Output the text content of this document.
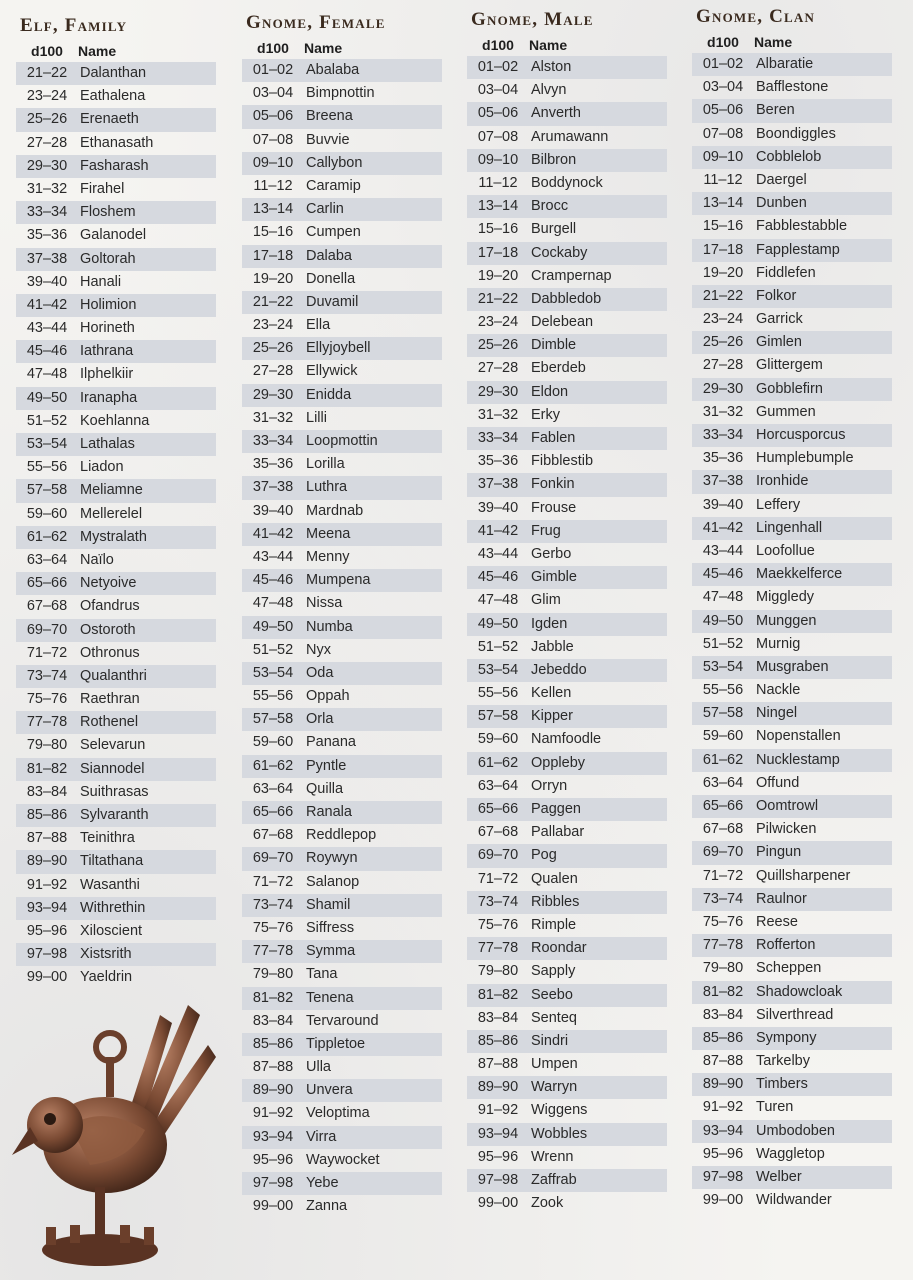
Elf, Family
d100	Name
21–22 Dalanthan
23–24 Eathalena
25–26 Erenaeth
27–28 Ethanasath
29–30 Fasharash
31–32 Firahel
33–34 Floshem
35–36 Galanodel
37–38 Goltorah
39–40 Hanali
41–42 Holimion
43–44 Horineth
45–46 Iathrana
47–48 Ilphelkiir
49–50 Iranapha
51–52 Koehlanna
53–54 Lathalas
55–56 Liadon
57–58 Meliamne
59–60 Mellerelel
61–62 Mystralath
63–64 Naïlo
65–66 Netyoive
67–68 Ofandrus
69–70 Ostoroth
71–72 Othronus
73–74 Qualanthri
75–76 Raethran
77–78 Rothenel
79–80 Selevarun
81–82 Siannodel
83–84 Suithrasas
85–86 Sylvaranth
87–88 Teinithra
89–90 Tiltathana
91–92 Wasanthi
93–94 Withrethin
95–96 Xiloscient
97–98 Xistsrith
99–00 Yaeldrin
Gnome, Female
d100	Name
01–02 Abalaba
03–04 Bimpnottin
05–06 Breena
07–08 Buvvie
09–10 Callybon
11–12 Caramip
13–14 Carlin
15–16 Cumpen
17–18 Dalaba
19–20 Donella
21–22 Duvamil
23–24 Ella
25–26 Ellyjoybell
27–28 Ellywick
29–30 Enidda
31–32 Lilli
33–34 Loopmottin
35–36 Lorilla
37–38 Luthra
39–40 Mardnab
41–42 Meena
43–44 Menny
45–46 Mumpena
47–48 Nissa
49–50 Numba
51–52 Nyx
53–54 Oda
55–56 Oppah
57–58 Orla
59–60 Panana
61–62 Pyntle
63–64 Quilla
65–66 Ranala
67–68 Reddlepop
69–70 Roywyn
71–72 Salanop
73–74 Shamil
75–76 Siffress
77–78 Symma
79–80 Tana
81–82 Tenena
83–84 Tervaround
85–86 Tippletoe
87–88 Ulla
89–90 Unvera
91–92 Veloptima
93–94 Virra
95–96 Waywocket
97–98 Yebe
99–00 Zanna
Gnome, Male
d100	Name
01–02 Alston
03–04 Alvyn
05–06 Anverth
07–08 Arumawann
09–10 Bilbron
11–12 Boddynock
13–14 Brocc
15–16 Burgell
17–18 Cockaby
19–20 Crampernap
21–22 Dabbledob
23–24 Delebean
25–26 Dimble
27–28 Eberdeb
29–30 Eldon
31–32 Erky
33–34 Fablen
35–36 Fibblestib
37–38 Fonkin
39–40 Frouse
41–42 Frug
43–44 Gerbo
45–46 Gimble
47–48 Glim
49–50 Igden
51–52 Jabble
53–54 Jebeddo
55–56 Kellen
57–58 Kipper
59–60 Namfoodle
61–62 Oppleby
63–64 Orryn
65–66 Paggen
67–68 Pallabar
69–70 Pog
71–72 Qualen
73–74 Ribbles
75–76 Rimple
77–78 Roondar
79–80 Sapply
81–82 Seebo
83–84 Senteq
85–86 Sindri
87–88 Umpen
89–90 Warryn
91–92 Wiggens
93–94 Wobbles
95–96 Wrenn
97–98 Zaffrab
99–00 Zook
Gnome, Clan
d100	Name
01–02 Albaratie
03–04 Bafflestone
05–06 Beren
07–08 Boondiggles
09–10 Cobblelob
11–12 Daergel
13–14 Dunben
15–16 Fabblestabble
17–18 Fapplestamp
19–20 Fiddlefen
21–22 Folkor
23–24 Garrick
25–26 Gimlen
27–28 Glittergem
29–30 Gobblefirn
31–32 Gummen
33–34 Horcusporcus
35–36 Humplebumple
37–38 Ironhide
39–40 Leffery
41–42 Lingenhall
43–44 Loofollue
45–46 Maekkelferce
47–48 Miggledy
49–50 Munggen
51–52 Murnig
53–54 Musgraben
55–56 Nackle
57–58 Ningel
59–60 Nopenstallen
61–62 Nucklestamp
63–64 Offund
65–66 Oomtrowl
67–68 Pilwicken
69–70 Pingun
71–72 Quillsharpener
73–74 Raulnor
75–76 Reese
77–78 Rofferton
79–80 Scheppen
81–82 Shadowcloak
83–84 Silverthread
85–86 Sympony
87–88 Tarkelby
89–90 Timbers
91–92 Turen
93–94 Umbodoben
95–96 Waggletop
97–98 Welber
99–00 Wildwander
